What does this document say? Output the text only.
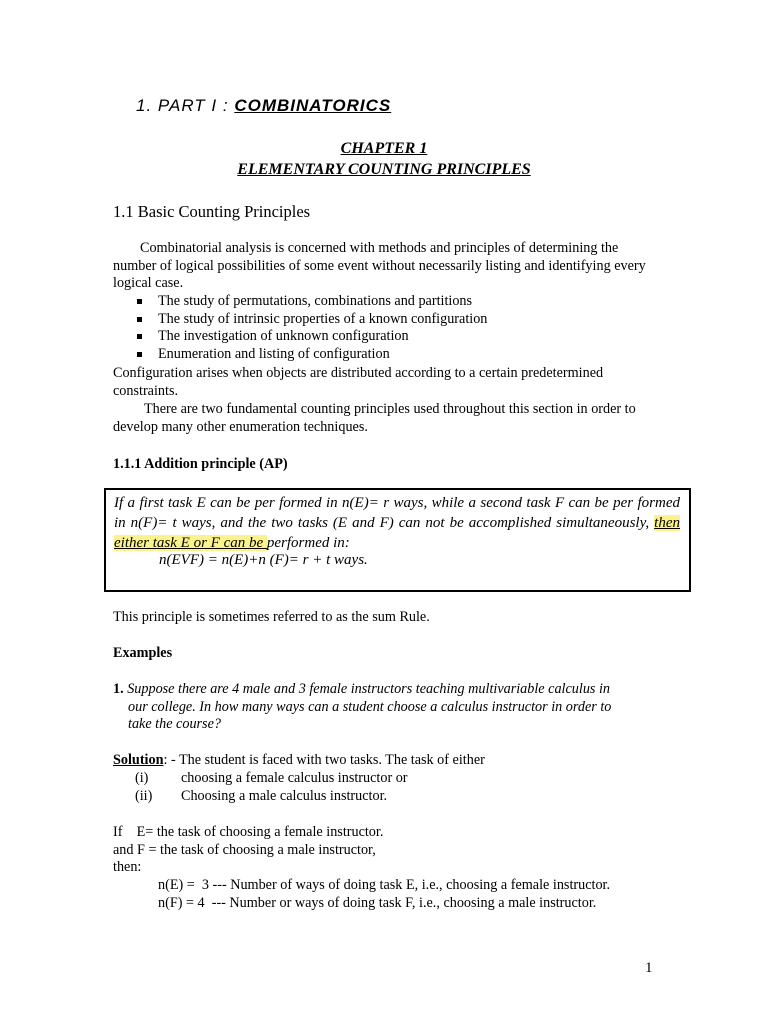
1. PART I : COMBINATORICS
CHAPTER 1
ELEMENTARY COUNTING PRINCIPLES
1.1 Basic Counting Principles
Combinatorial analysis is concerned with methods and principles of determining the number of logical possibilities of some event without necessarily listing and identifying every logical case.
The study of permutations, combinations and partitions
The study of intrinsic properties of a known configuration
The investigation of unknown configuration
Enumeration and listing of configuration
Configuration arises when objects are distributed according to a certain predetermined constraints.
There are two fundamental counting principles used throughout this section in order to develop many other enumeration techniques.
1.1.1 Addition principle (AP)
If a first task E can be per formed in n(E)= r ways, while a second task F can be per formed in n(F)= t ways, and the two tasks (E and F) can not be accomplished simultaneously, then either task E or F can be performed in:
n(EVF) = n(E)+n (F)= r + t ways.
This principle is sometimes referred to as the sum Rule.
Examples
1. Suppose there are 4 male and 3 female instructors teaching multivariable calculus in
our college. In how many ways can a student choose a calculus instructor in order to
take the course?
Solution: - The student is faced with two tasks. The task of either
(i) choosing a female calculus instructor or
(ii) Choosing a male calculus instructor.
If    E= the task of choosing a female instructor.
and F = the task of choosing a male instructor,
then:
n(E) =  3 --- Number of ways of doing task E, i.e., choosing a female instructor.
n(F) = 4  --- Number or ways of doing task F, i.e., choosing a male instructor.
1
